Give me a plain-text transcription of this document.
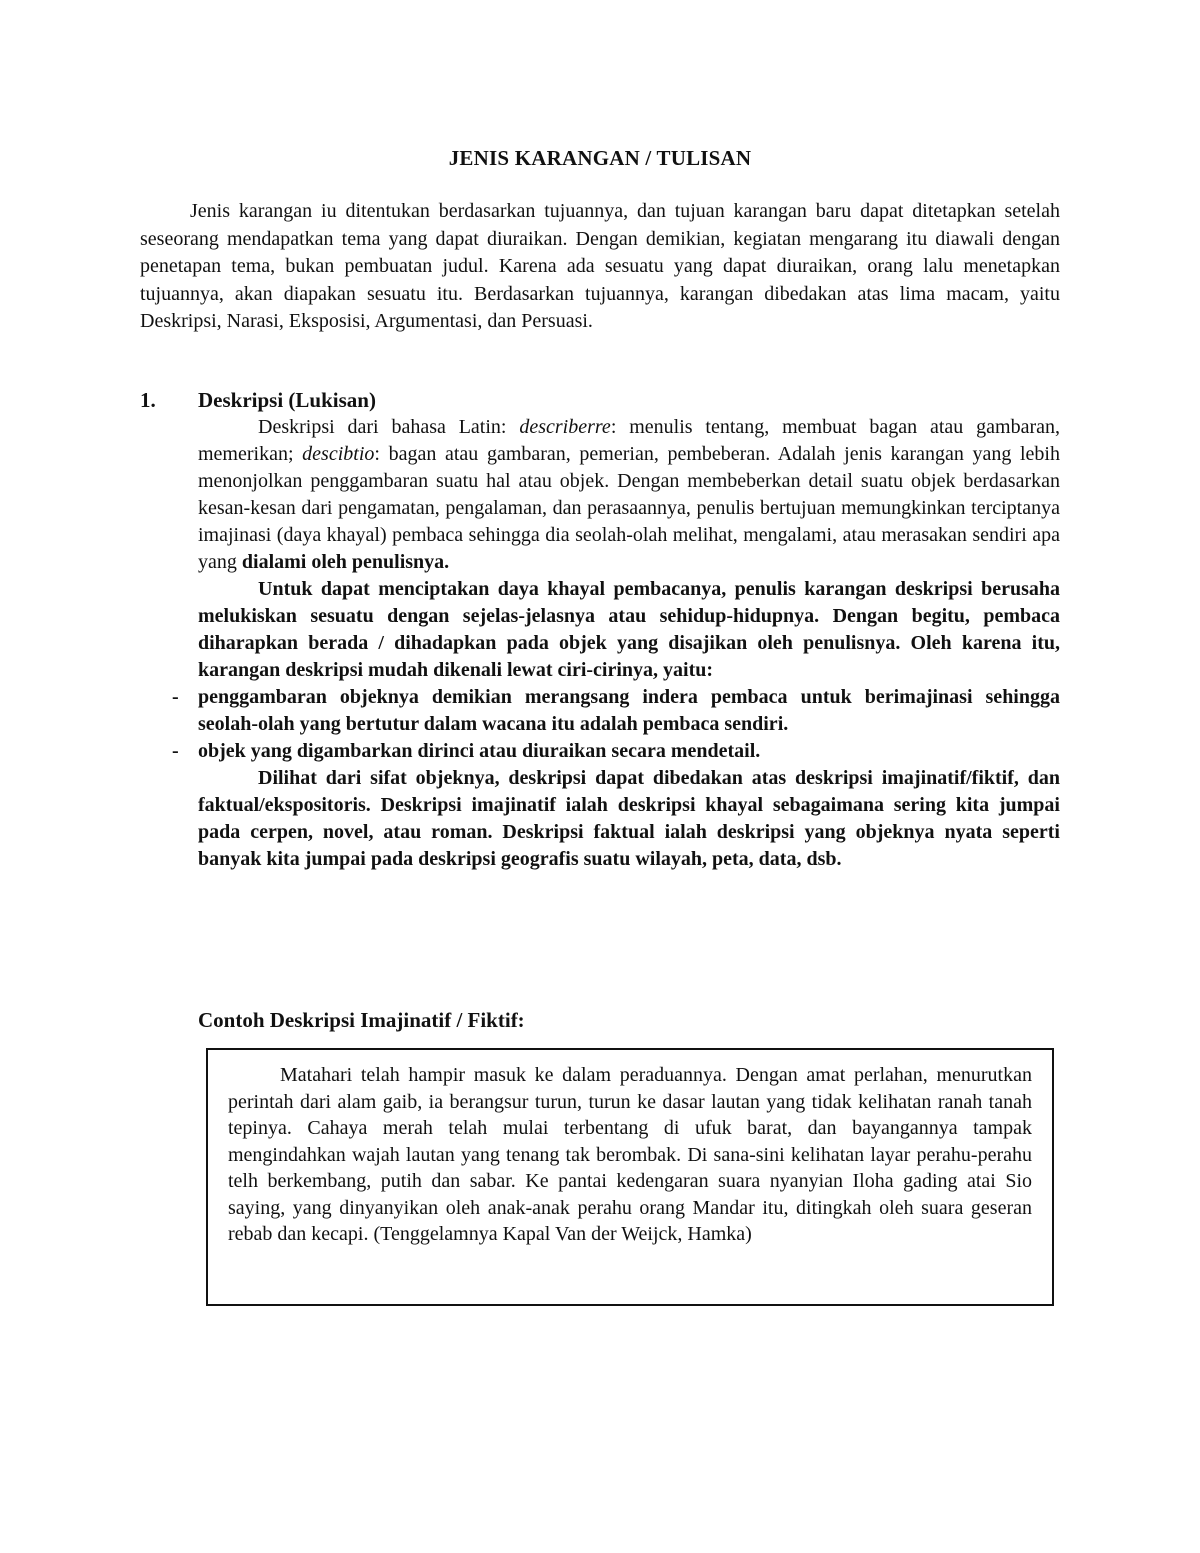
JENIS KARANGAN / TULISAN

Jenis karangan iu ditentukan berdasarkan tujuannya, dan tujuan karangan baru dapat ditetapkan setelah seseorang mendapatkan tema yang dapat diuraikan. Dengan demikian, kegiatan mengarang itu diawali dengan penetapan tema, bukan pembuatan judul. Karena ada sesuatu yang dapat diuraikan, orang lalu menetapkan tujuannya, akan diapakan sesuatu itu. Berdasarkan tujuannya, karangan dibedakan atas lima macam, yaitu Deskripsi, Narasi, Eksposisi, Argumentasi, dan Persuasi.

1. Deskripsi (Lukisan)

Deskripsi dari bahasa Latin: describerre: menulis tentang, membuat bagan atau gambaran, memerikan; descibtio: bagan atau gambaran, pemerian, pembeberan. Adalah jenis karangan yang lebih menonjolkan penggambaran suatu hal atau objek. Dengan membeberkan detail suatu objek berdasarkan kesan-kesan dari pengamatan, pengalaman, dan perasaannya, penulis bertujuan memungkinkan terciptanya imajinasi (daya khayal) pembaca sehingga dia seolah-olah melihat, mengalami, atau merasakan sendiri apa yang dialami oleh penulisnya.

Untuk dapat menciptakan daya khayal pembacanya, penulis karangan deskripsi berusaha melukiskan sesuatu dengan sejelas-jelasnya atau sehidup-hidupnya. Dengan begitu, pembaca diharapkan berada / dihadapkan pada objek yang disajikan oleh penulisnya. Oleh karena itu, karangan deskripsi mudah dikenali lewat ciri-cirinya, yaitu:

- penggambaran objeknya demikian merangsang indera pembaca untuk berimajinasi sehingga seolah-olah yang bertutur dalam wacana itu adalah pembaca sendiri.
- objek yang digambarkan dirinci atau diuraikan secara mendetail.

Dilihat dari sifat objeknya, deskripsi dapat dibedakan atas deskripsi imajinatif/fiktif, dan faktual/ekspositoris. Deskripsi imajinatif ialah deskripsi khayal sebagaimana sering kita jumpai pada cerpen, novel, atau roman. Deskripsi faktual ialah deskripsi yang objeknya nyata seperti banyak kita jumpai pada deskripsi geografis suatu wilayah, peta, data, dsb.

Contoh Deskripsi Imajinatif / Fiktif:

Matahari telah hampir masuk ke dalam peraduannya. Dengan amat perlahan, menurutkan perintah dari alam gaib, ia berangsur turun, turun ke dasar lautan yang tidak kelihatan ranah tanah tepinya. Cahaya merah telah mulai terbentang di ufuk barat, dan bayangannya tampak mengindahkan wajah lautan yang tenang tak berombak. Di sana-sini kelihatan layar perahu-perahu telh berkembang, putih dan sabar. Ke pantai kedengaran suara nyanyian Iloha gading atai Sio saying, yang dinyanyikan oleh anak-anak perahu orang Mandar itu, ditingkah oleh suara geseran rebab dan kecapi. (Tenggelamnya Kapal Van der Weijck, Hamka)
